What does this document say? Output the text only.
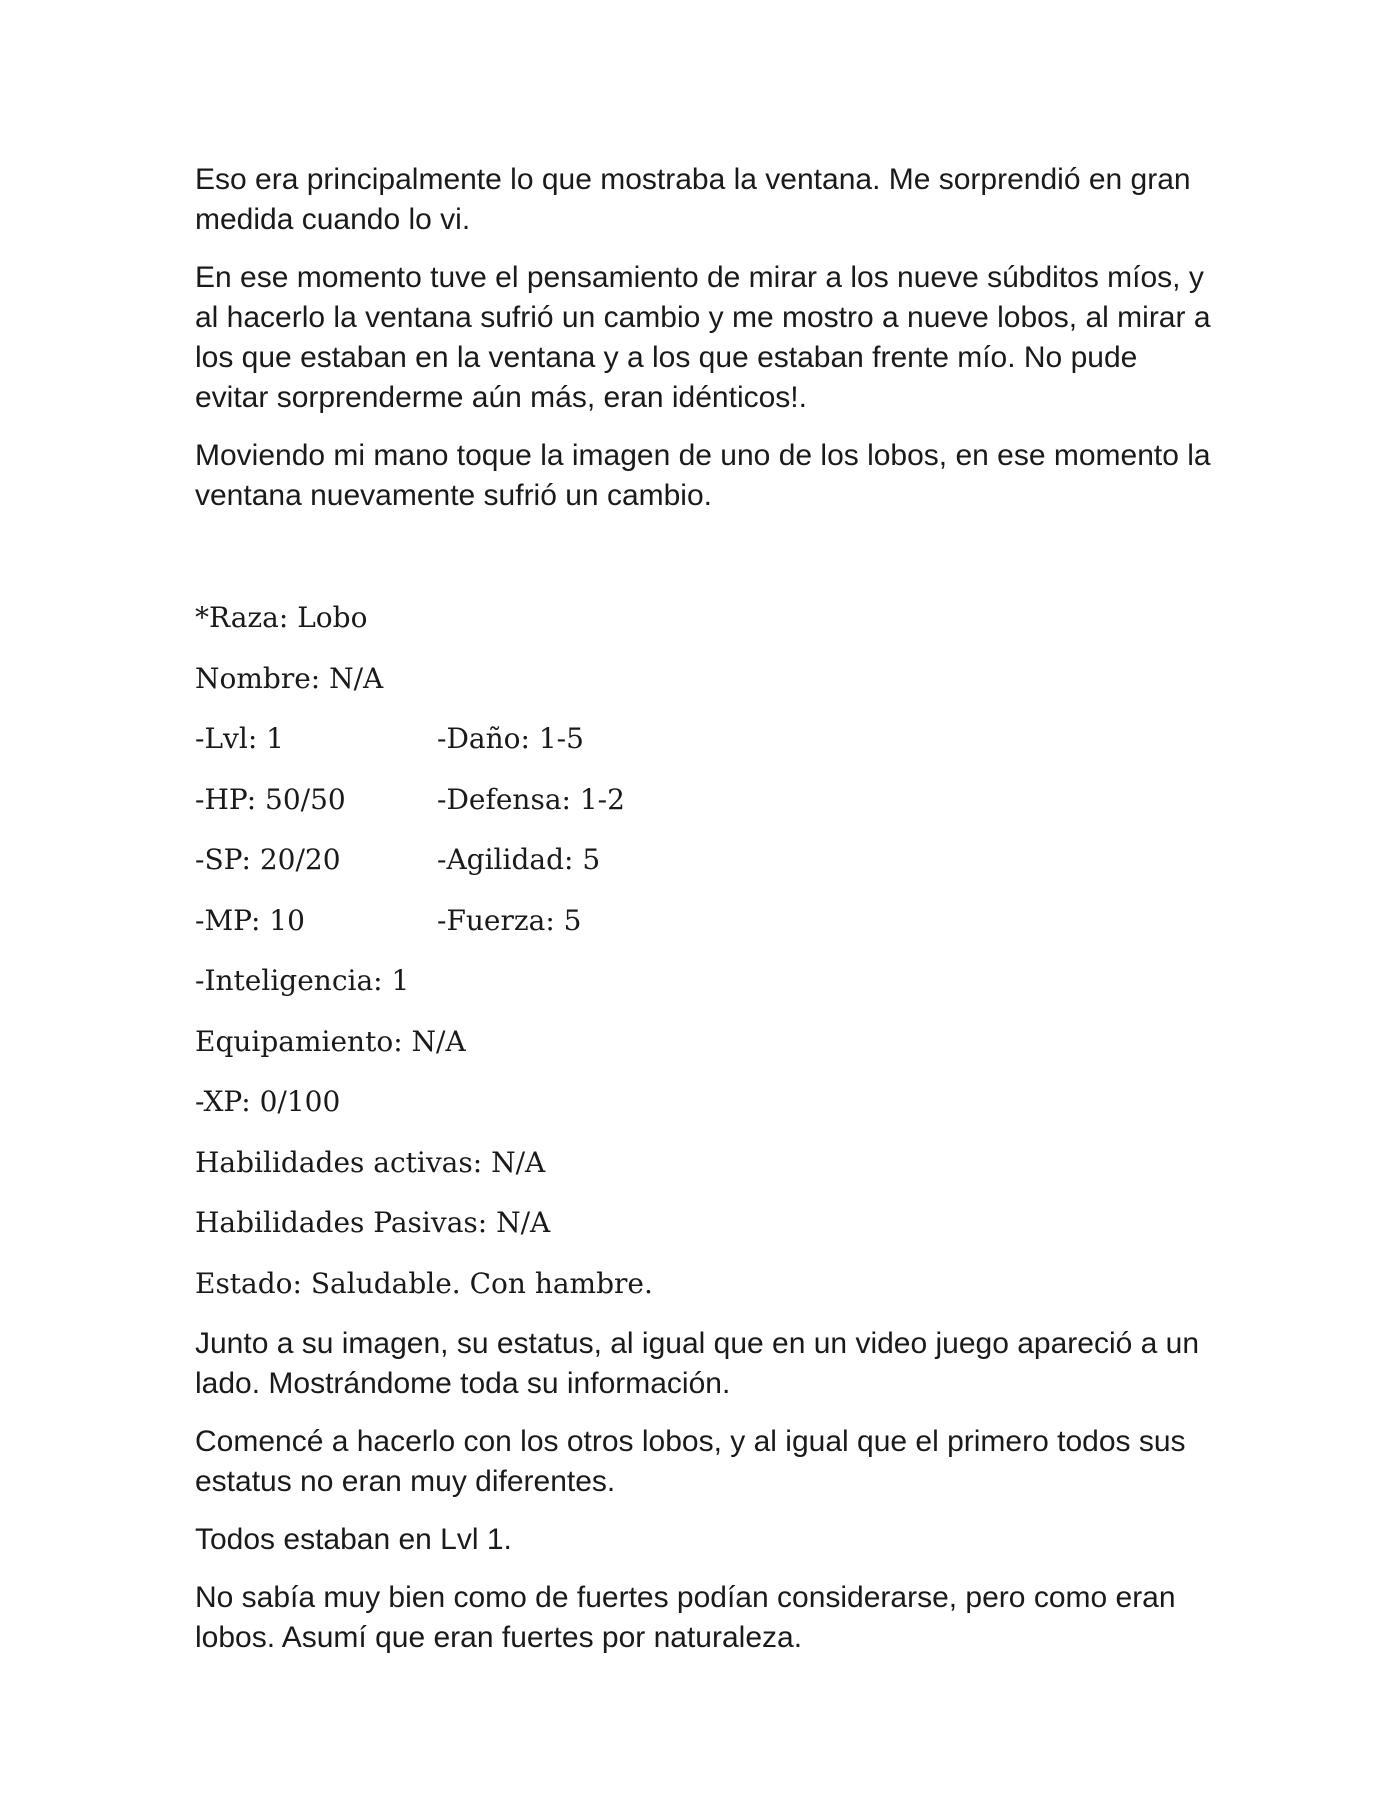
Eso era principalmente lo que mostraba la ventana. Me sorprendió en gran medida cuando lo vi.

En ese momento tuve el pensamiento de mirar a los nueve súbditos míos, y al hacerlo la ventana sufrió un cambio y me mostro a nueve lobos, al mirar a los que estaban en la ventana y a los que estaban frente mío. No pude evitar sorprenderme aún más, eran idénticos!.

Moviendo mi mano toque la imagen de uno de los lobos, en ese momento la ventana nuevamente sufrió un cambio.

*Raza: Lobo
Nombre: N/A
-Lvl: 1	-Daño: 1-5
-HP: 50/50	-Defensa: 1-2
-SP: 20/20	-Agilidad: 5
-MP: 10	-Fuerza: 5
-Inteligencia: 1
Equipamiento: N/A
-XP: 0/100
Habilidades activas: N/A
Habilidades Pasivas: N/A
Estado: Saludable. Con hambre.

Junto a su imagen, su estatus, al igual que en un video juego apareció a un lado. Mostrándome toda su información.

Comencé a hacerlo con los otros lobos, y al igual que el primero todos sus estatus no eran muy diferentes.

Todos estaban en Lvl 1.

No sabía muy bien como de fuertes podían considerarse, pero como eran lobos. Asumí que eran fuertes por naturaleza.
